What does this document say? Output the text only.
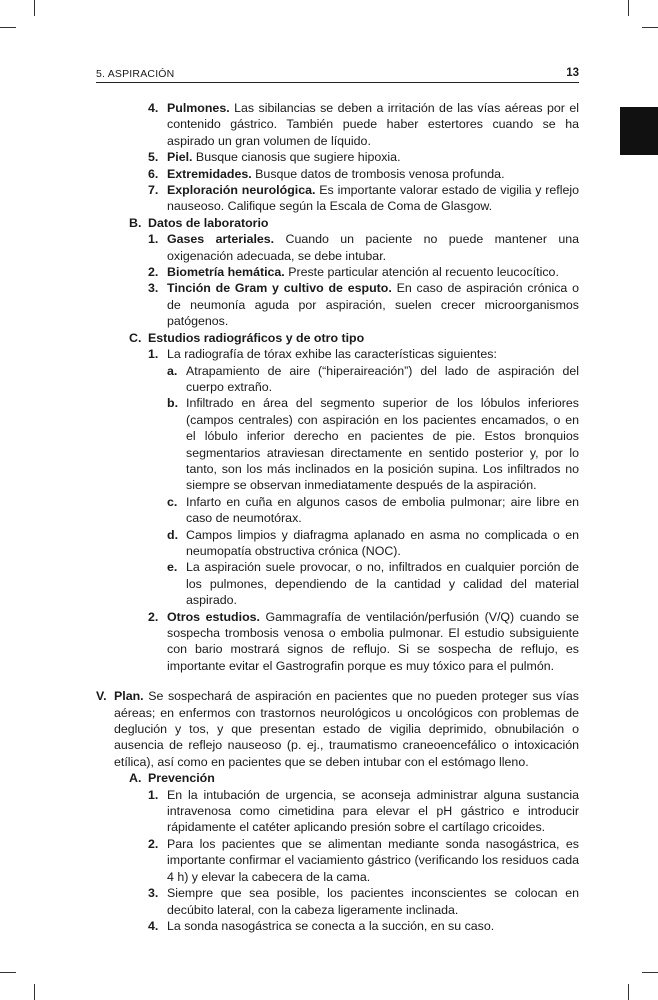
5. ASPIRACIÓN	13

4. Pulmones. Las sibilancias se deben a irritación de las vías aéreas por el contenido gástrico. También puede haber estertores cuando se ha aspirado un gran volumen de líquido.

5. Piel. Busque cianosis que sugiere hipoxia.

6. Extremidades. Busque datos de trombosis venosa profunda.

7. Exploración neurológica. Es importante valorar estado de vigilia y reflejo nauseoso. Califique según la Escala de Coma de Glasgow.

B. Datos de laboratorio

1. Gases arteriales. Cuando un paciente no puede mantener una oxigenación adecuada, se debe intubar.

2. Biometría hemática. Preste particular atención al recuento leucocítico.

3. Tinción de Gram y cultivo de esputo. En caso de aspiración crónica o de neumonía aguda por aspiración, suelen crecer microorganismos patógenos.

C. Estudios radiográficos y de otro tipo

1. La radiografía de tórax exhibe las características siguientes:

a. Atrapamiento de aire (“hiperaireación”) del lado de aspiración del cuerpo extraño.

b. Infiltrado en área del segmento superior de los lóbulos inferiores (campos centrales) con aspiración en los pacientes encamados, o en el lóbulo inferior derecho en pacientes de pie. Estos bronquios segmentarios atraviesan directamente en sentido posterior y, por lo tanto, son los más inclinados en la posición supina. Los infiltrados no siempre se observan inmediatamente después de la aspiración.

c. Infarto en cuña en algunos casos de embolia pulmonar; aire libre en caso de neumotórax.

d. Campos limpios y diafragma aplanado en asma no complicada o en neumopatía obstructiva crónica (NOC).

e. La aspiración suele provocar, o no, infiltrados en cualquier porción de los pulmones, dependiendo de la cantidad y calidad del material aspirado.

2. Otros estudios. Gammagrafía de ventilación/perfusión (V/Q) cuando se sospecha trombosis venosa o embolia pulmonar. El estudio subsiguiente con bario mostrará signos de reflujo. Si se sospecha de reflujo, es importante evitar el Gastrografin porque es muy tóxico para el pulmón.

V. Plan. Se sospechará de aspiración en pacientes que no pueden proteger sus vías aéreas; en enfermos con trastornos neurológicos u oncológicos con problemas de deglución y tos, y que presentan estado de vigilia deprimido, obnubilación o ausencia de reflejo nauseoso (p. ej., traumatismo craneoencefálico o intoxicación etílica), así como en pacientes que se deben intubar con el estómago lleno.

A. Prevención

1. En la intubación de urgencia, se aconseja administrar alguna sustancia intravenosa como cimetidina para elevar el pH gástrico e introducir rápidamente el catéter aplicando presión sobre el cartílago cricoides.

2. Para los pacientes que se alimentan mediante sonda nasogástrica, es importante confirmar el vaciamiento gástrico (verificando los residuos cada 4 h) y elevar la cabecera de la cama.

3. Siempre que sea posible, los pacientes inconscientes se colocan en decúbito lateral, con la cabeza ligeramente inclinada.

4. La sonda nasogástrica se conecta a la succión, en su caso.
